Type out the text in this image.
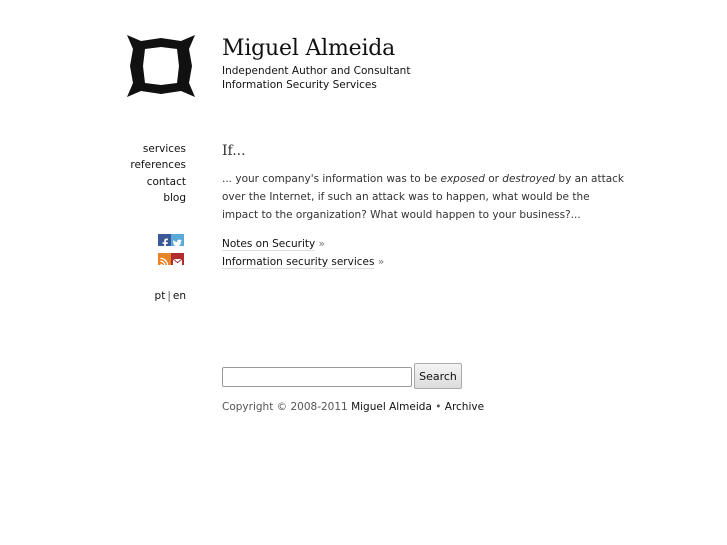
Miguel Almeida
Independent Author and Consultant
Information Security Services
services
references
contact
blog
pt | en
If...

... your company's information was to be exposed or destroyed by an attack over the Internet, if such an attack was to happen, what would be the impact to the organization? What would happen to your business?...

Notes on Security »
Information security services »
Search
Copyright © 2008-2011 Miguel Almeida • Archive
